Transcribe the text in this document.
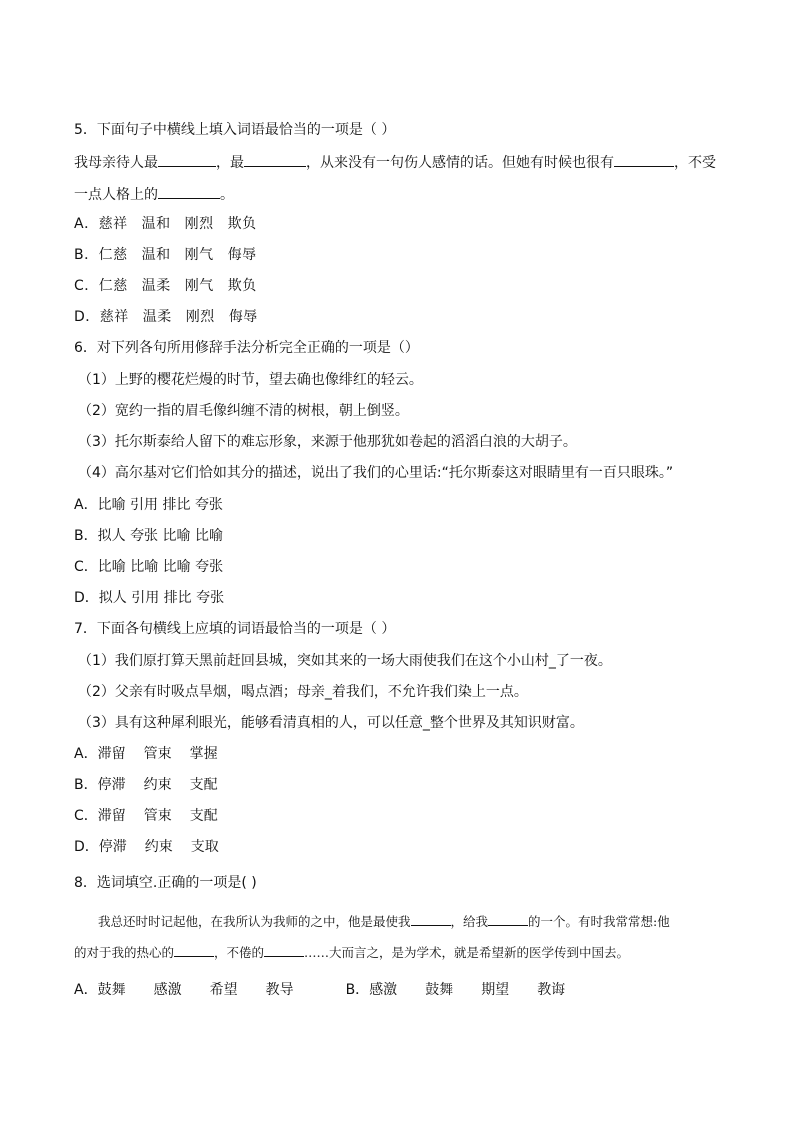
5．下面句子中横线上填入词语最恰当的一项是（ ）
我母亲待人最	，最	，从来没有一句伤人感情的话。但她有时候也很有	，不受
一点人格上的	。
A．慈祥 温和 刚烈 欺负
B．仁慈 温和 刚气 侮辱
C．仁慈 温柔 刚气 欺负
D．慈祥 温柔 刚烈 侮辱
6．对下列各句所用修辞手法分析完全正确的一项是（）
（1）上野的樱花烂熳的时节，望去确也像绯红的轻云。
（2）宽约一指的眉毛像纠缠不清的树根，朝上倒竖。
（3）托尔斯泰给人留下的难忘形象，来源于他那犹如卷起的滔滔白浪的大胡子。
（4）高尔基对它们恰如其分的描述，说出了我们的心里话:“托尔斯泰这对眼睛里有一百只眼珠。”
A．比喻 引用 排比 夸张
B．拟人 夸张 比喻 比喻
C．比喻 比喻 比喻 夸张
D．拟人 引用 排比 夸张
7．下面各句横线上应填的词语最恰当的一项是（ ）
（1）我们原打算天黑前赶回县城，突如其来的一场大雨使我们在这个小山村_了一夜。
（2）父亲有时吸点旱烟，喝点酒；母亲_着我们，不允许我们染上一点。
（3）具有这种犀利眼光，能够看清真相的人，可以任意_整个世界及其知识财富。
A．滞留 管束 掌握
B．停滞 约束 支配
C．滞留 管束 支配
D．停滞 约束 支取
8．选词填空.正确的一项是( )
我总还时时记起他，在我所认为我师的之中，他是最使我	，给我	的一个。有时我常常想:他
的对于我的热心的	，不倦的	……大而言之，是为学术，就是希望新的医学传到中国去。
A．鼓舞 感激 希望 教导	B．感激 鼓舞 期望 教诲
